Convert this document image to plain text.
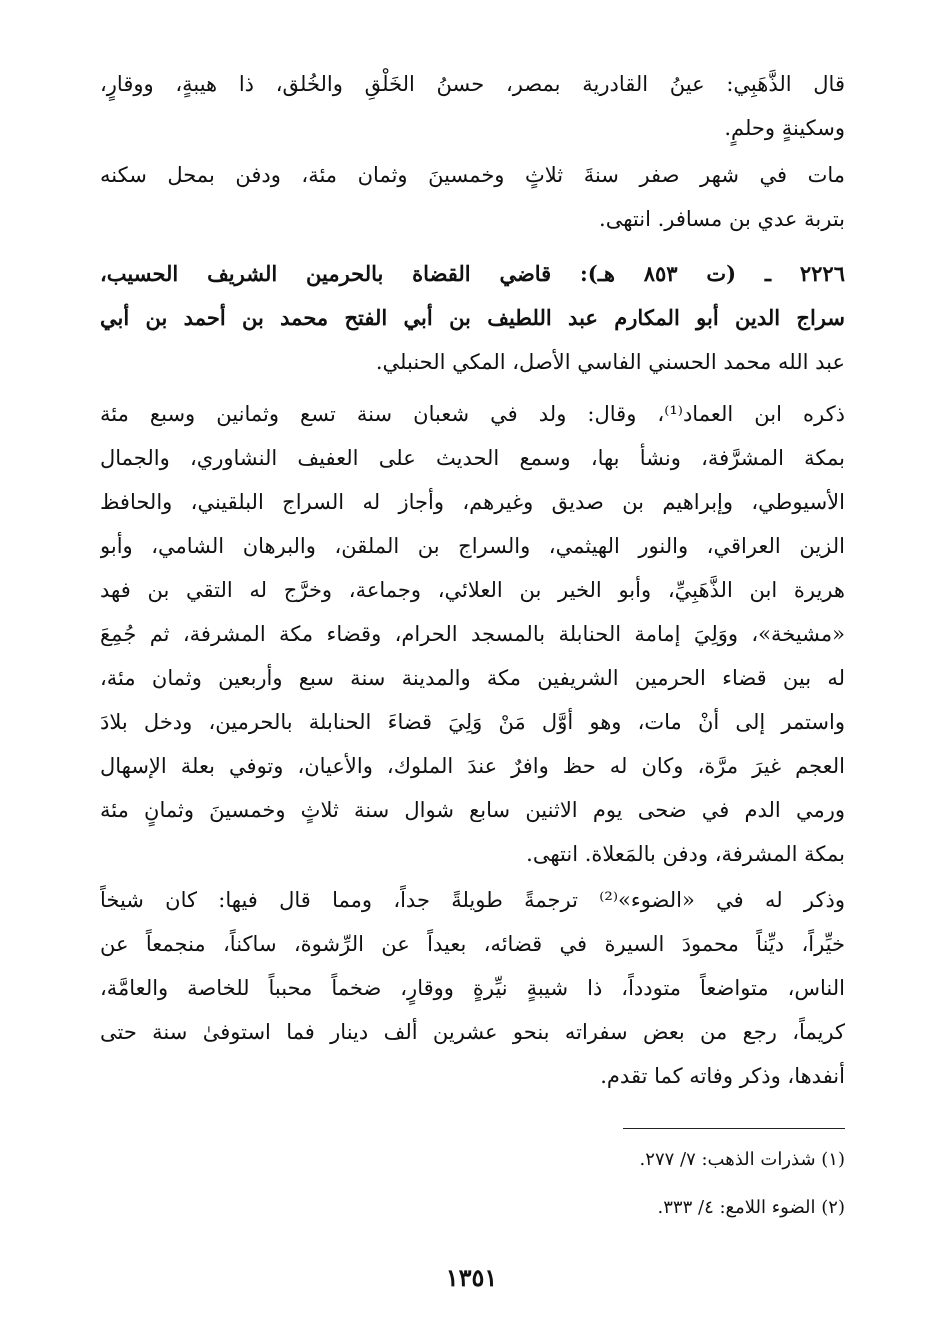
قال الذَّهَبِي: عينُ القادرية بمصر، حسنُ الخَلْقِ والخُلق، ذا هيبةٍ، ووقارٍ،
وسكينةٍ وحلمٍ.
مات في شهر صفر سنةَ ثلاثٍ وخمسينَ وثمان مئة، ودفن بمحل سكنه
بتربة عدي بن مسافر. انتهى.
٢٢٢٦ ـ (ت ٨٥٣ هـ): قاضي القضاة بالحرمين الشريف الحسيب،
سراج الدين أبو المكارم عبد اللطيف بن أبي الفتح محمد بن أحمد بن أبي
عبد الله محمد الحسني الفاسي الأصل، المكي الحنبلي.
ذكره ابن العماد⁽¹⁾، وقال: ولد في شعبان سنة تسع وثمانين وسبع مئة
بمكة المشرَّفة، ونشأ بها، وسمع الحديث على العفيف النشاوري، والجمال
الأسيوطي، وإبراهيم بن صديق وغيرهم، وأجاز له السراج البلقيني، والحافظ
الزين العراقي، والنور الهيثمي، والسراج بن الملقن، والبرهان الشامي، وأبو
هريرة ابن الذَّهَبِيِّ، وأبو الخير بن العلائي، وجماعة، وخرَّج له التقي بن فهد
«مشيخة»، ووَلِيَ إمامة الحنابلة بالمسجد الحرام، وقضاء مكة المشرفة، ثم جُمِعَ
له بين قضاء الحرمين الشريفين مكة والمدينة سنة سبع وأربعين وثمان مئة،
واستمر إلى أنْ مات، وهو أوَّل مَنْ وَلِيَ قضاءَ الحنابلة بالحرمين، ودخل بلادَ
العجم غيرَ مرَّة، وكان له حظ وافرٌ عندَ الملوك، والأعيان، وتوفي بعلة الإسهال
ورمي الدم في ضحى يوم الاثنين سابع شوال سنة ثلاثٍ وخمسينَ وثمانٍ مئة
بمكة المشرفة، ودفن بالمَعلاة. انتهى.
وذكر له في «الضوء»⁽²⁾ ترجمةً طويلةً جداً، ومما قال فيها: كان شيخاً
خيِّراً، ديِّناً محمودَ السيرة في قضائه، بعيداً عن الرِّشوة، ساكناً، منجمعاً عن
الناس، متواضعاً متودداً، ذا شيبةٍ نيِّرةٍ ووقارٍ، ضخماً محبباً للخاصة والعامَّة،
كريماً، رجع من بعض سفراته بنحو عشرين ألف دينار فما استوفىٰ سنة حتى
أنفدها، وذكر وفاته كما تقدم.
(١) شذرات الذهب: ٧/ ٢٧٧.
(٢) الضوء اللامع: ٤/ ٣٣٣.
١٣٥١
